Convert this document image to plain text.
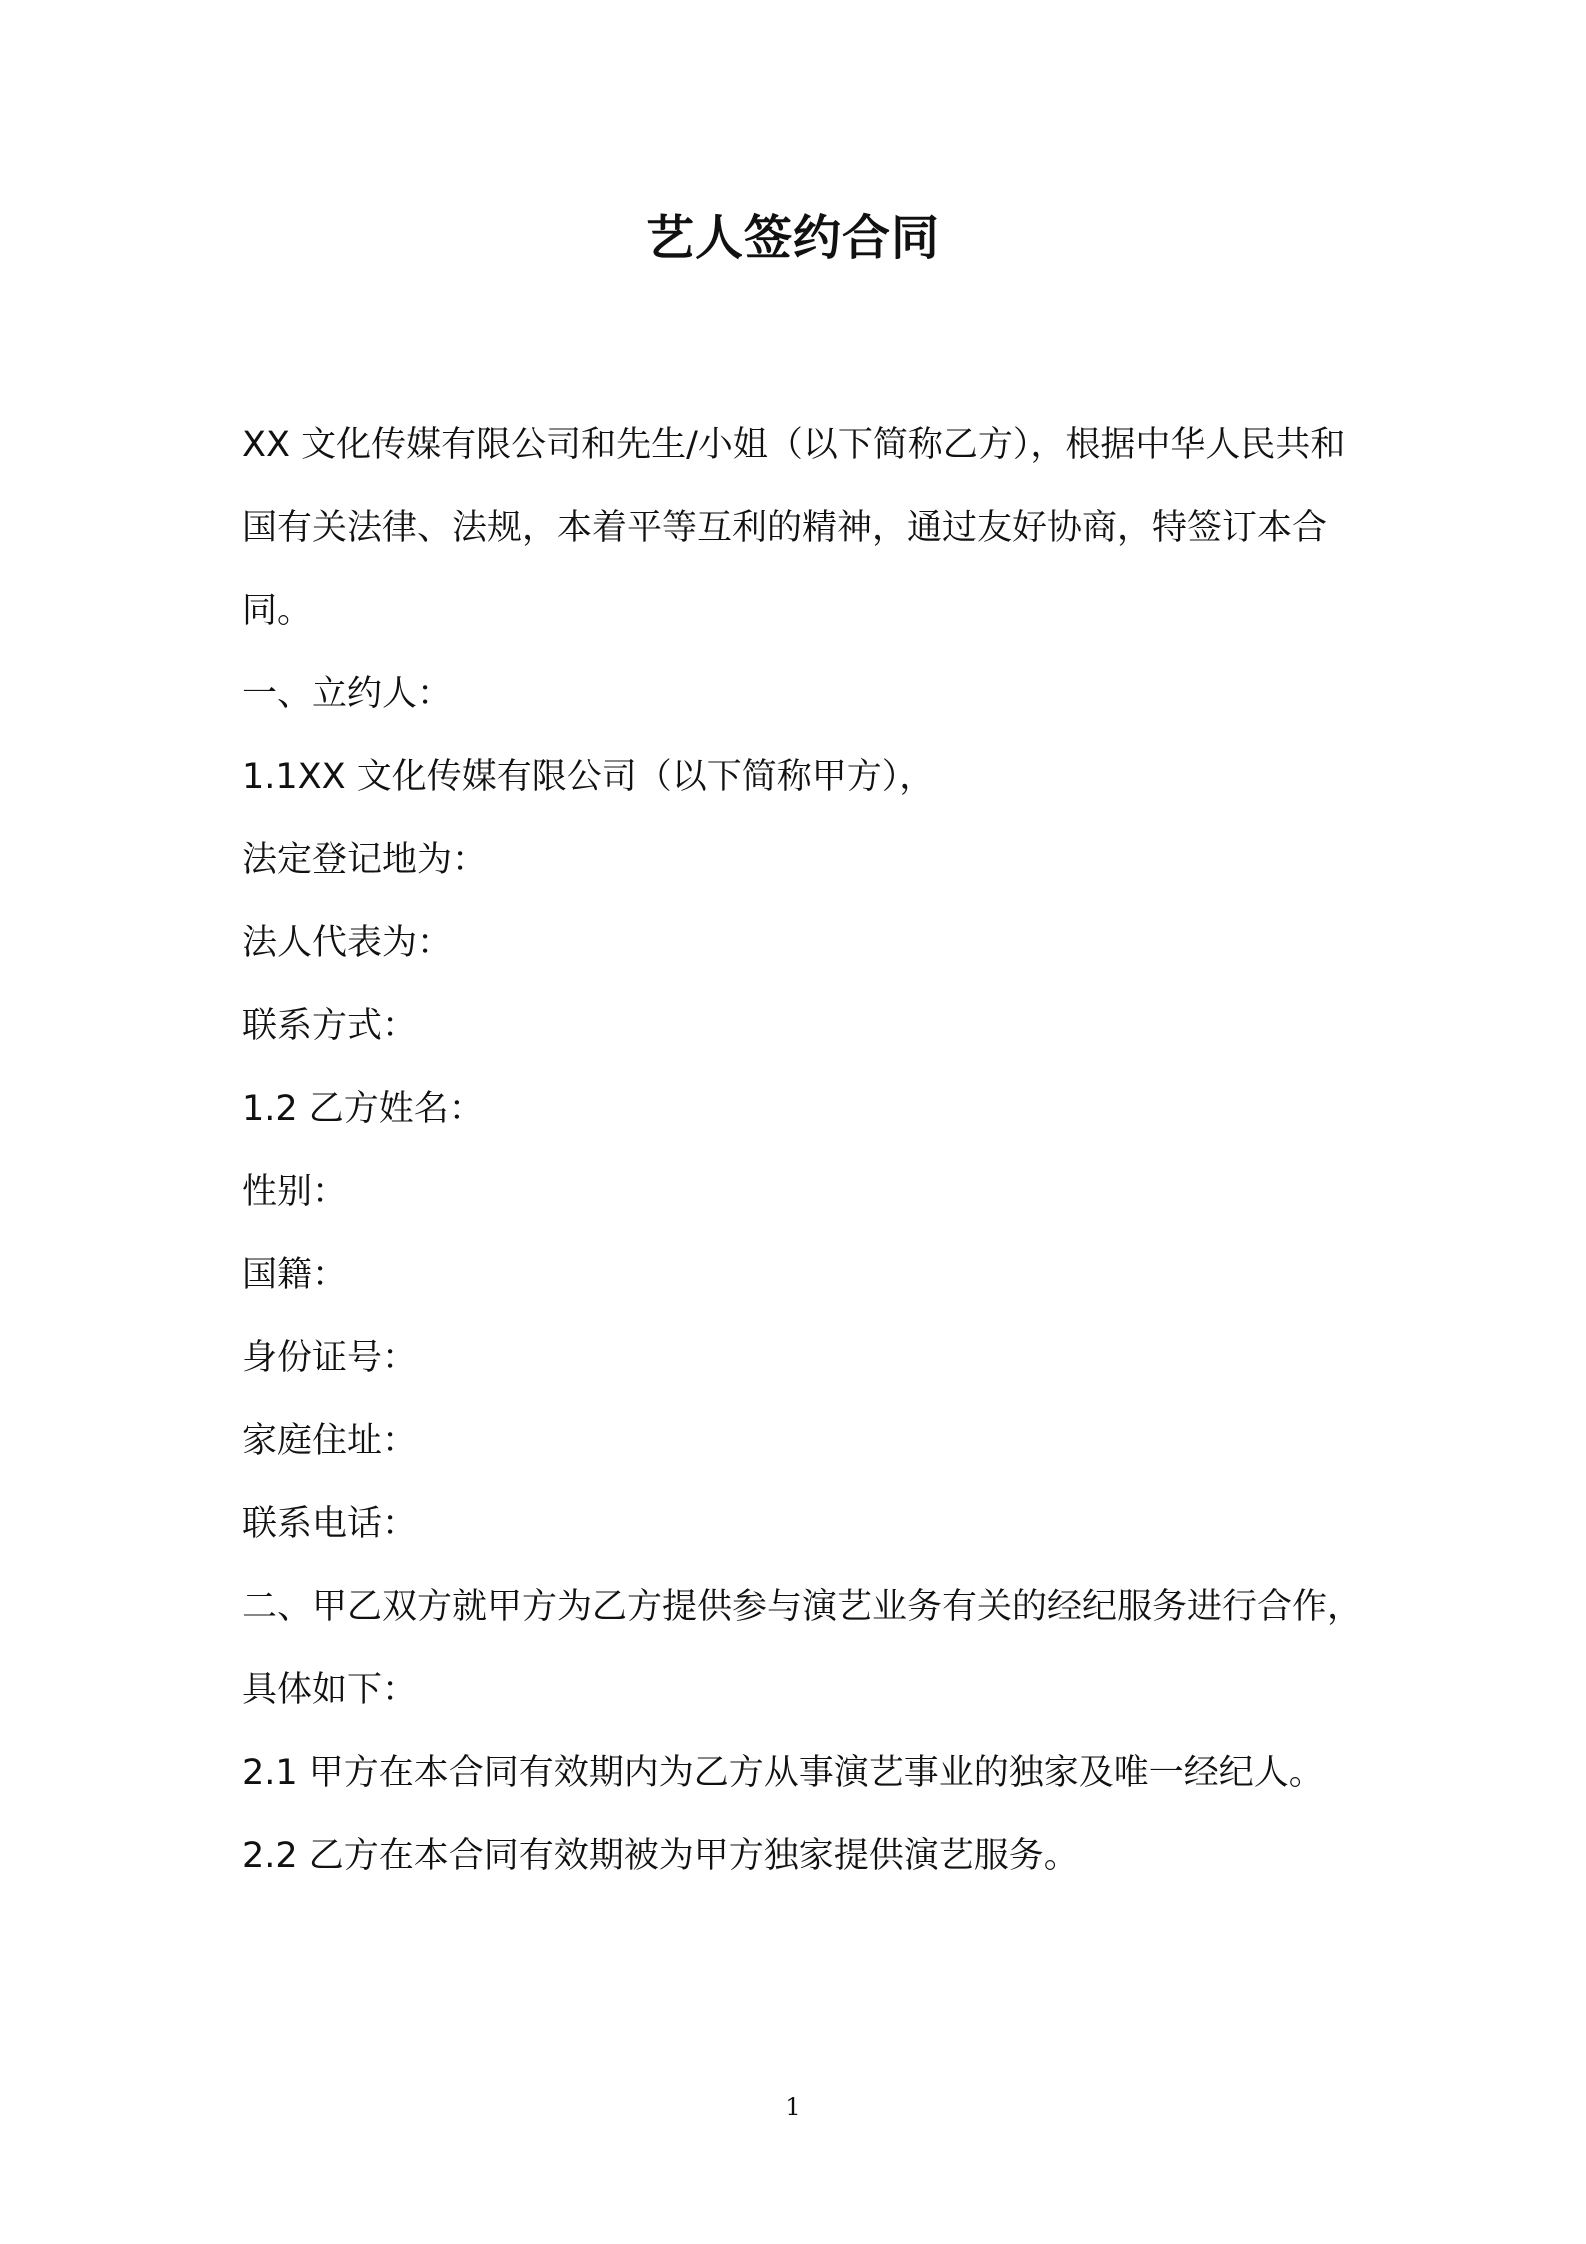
艺人签约合同

XX 文化传媒有限公司和先生/小姐（以下简称乙方），根据中华人民共和国有关法律、法规，本着平等互利的精神，通过友好协商，特签订本合同。

一、立约人：

1.1XX 文化传媒有限公司（以下简称甲方），

法定登记地为：

法人代表为：

联系方式：

1.2 乙方姓名：

性别：

国籍：

身份证号：

家庭住址：

联系电话：

二、甲乙双方就甲方为乙方提供参与演艺业务有关的经纪服务进行合作，具体如下：

2.1 甲方在本合同有效期内为乙方从事演艺事业的独家及唯一经纪人。

2.2 乙方在本合同有效期被为甲方独家提供演艺服务。

1
